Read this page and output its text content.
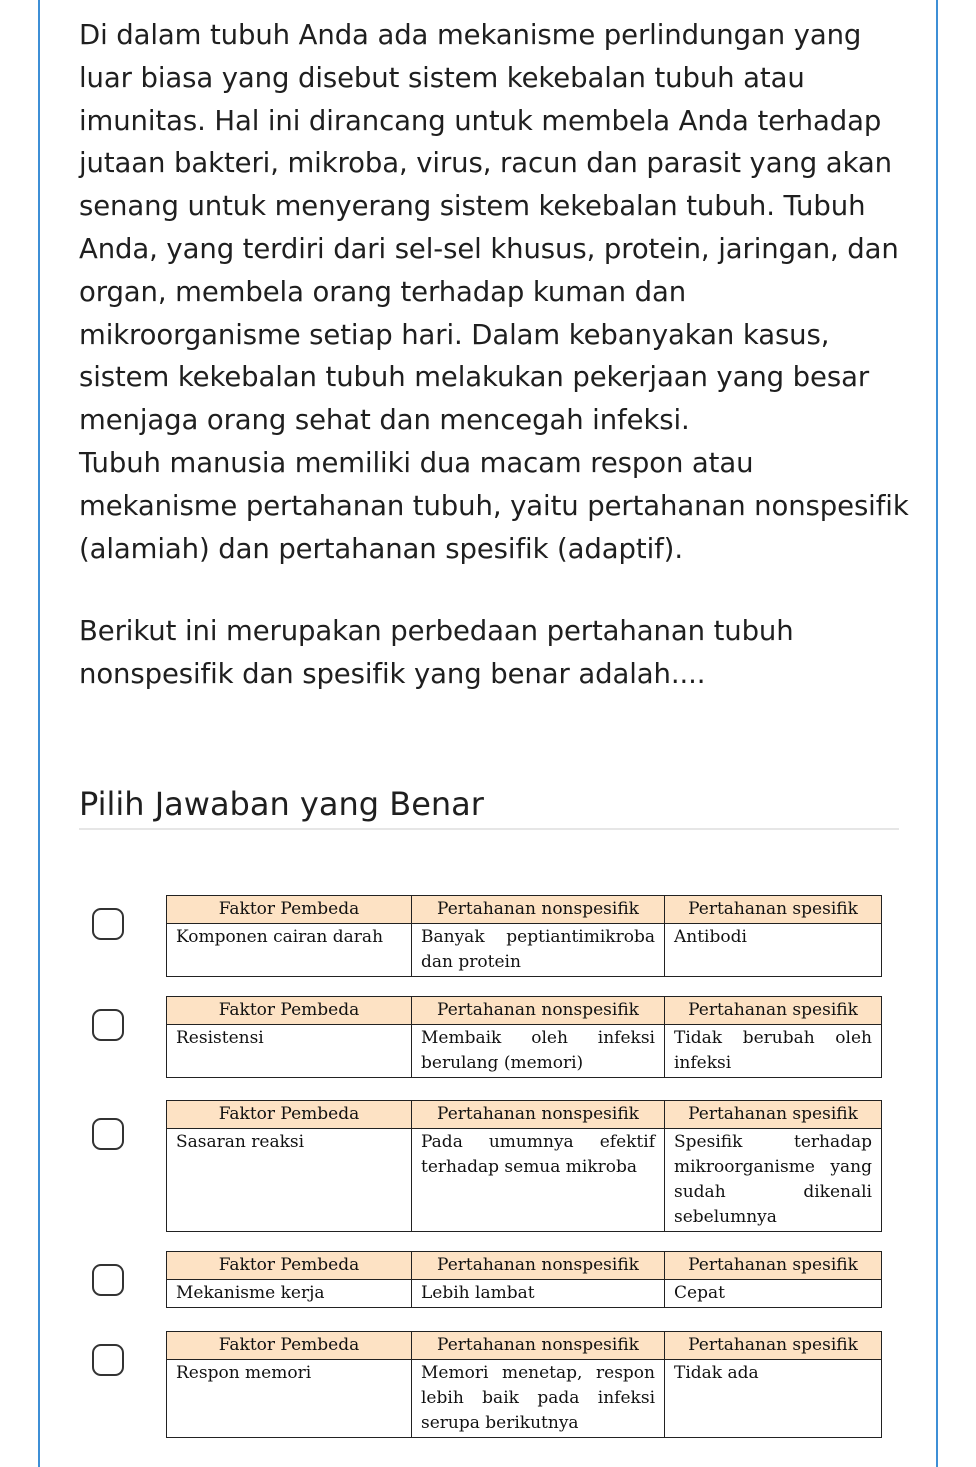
Di dalam tubuh Anda ada mekanisme perlindungan yang

luar biasa yang disebut sistem kekebalan tubuh atau

imunitas. Hal ini dirancang untuk membela Anda terhadap

jutaan bakteri, mikroba, virus, racun dan parasit yang akan

senang untuk menyerang sistem kekebalan tubuh. Tubuh

Anda, yang terdiri dari sel-sel khusus, protein, jaringan, dan

organ, membela orang terhadap kuman dan

mikroorganisme setiap hari. Dalam kebanyakan kasus,

sistem kekebalan tubuh melakukan pekerjaan yang besar

menjaga orang sehat dan mencegah infeksi.

Tubuh manusia memiliki dua macam respon atau

mekanisme pertahanan tubuh, yaitu pertahanan nonspesifik

(alamiah) dan pertahanan spesifik (adaptif).

Berikut ini merupakan perbedaan pertahanan tubuh

nonspesifik dan spesifik yang benar adalah....

Pilih Jawaban yang Benar
Faktor Pembeda	Pertahanan nonspesifik	Pertahanan spesifik
Komponen cairan darah	Banyak peptiantimikroba dan protein	Antibodi
Faktor Pembeda	Pertahanan nonspesifik	Pertahanan spesifik
Resistensi	Membaik oleh infeksi berulang (memori)	Tidak berubah oleh infeksi
Faktor Pembeda	Pertahanan nonspesifik	Pertahanan spesifik
Sasaran reaksi	Pada umumnya efektif terhadap semua mikroba	Spesifik terhadap mikroorganisme yang sudah dikenali sebelumnya
Faktor Pembeda	Pertahanan nonspesifik	Pertahanan spesifik
Mekanisme kerja	Lebih lambat	Cepat
Faktor Pembeda	Pertahanan nonspesifik	Pertahanan spesifik
Respon memori	Memori menetap, respon lebih baik pada infeksi serupa berikutnya	Tidak ada
